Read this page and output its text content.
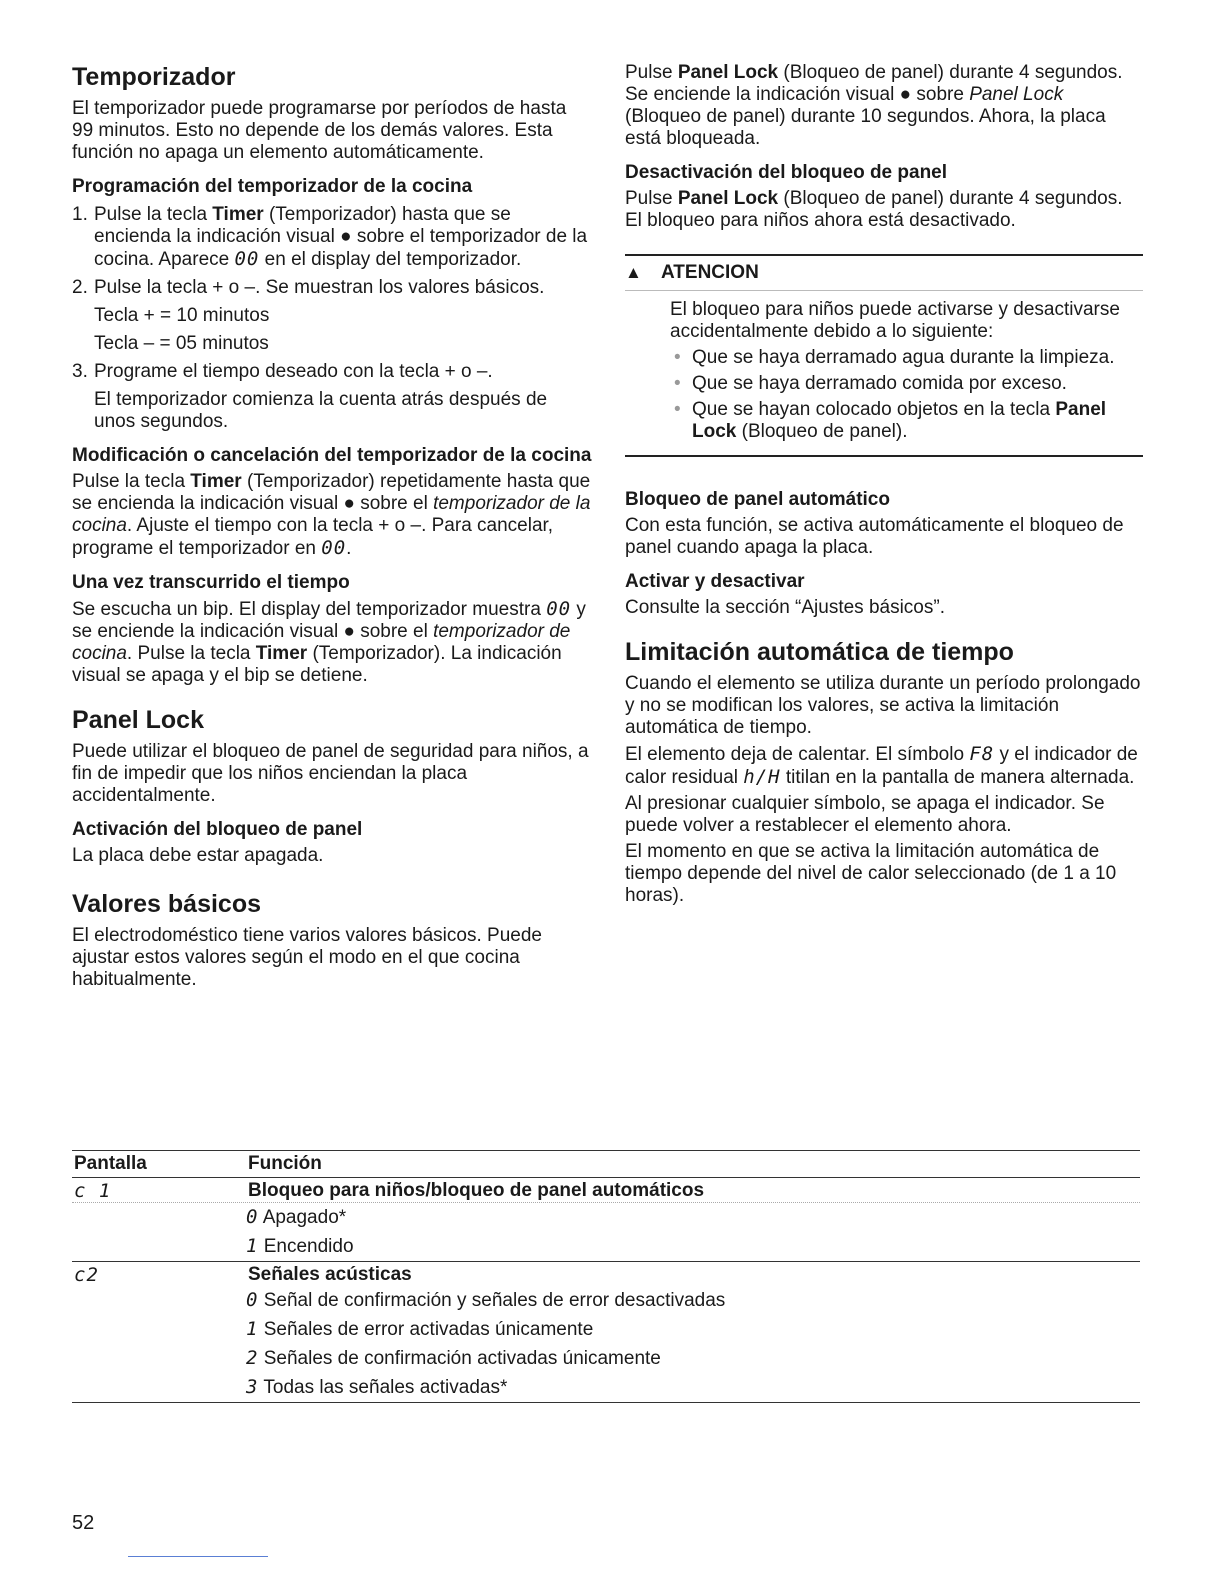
Temporizador

El temporizador puede programarse por períodos de hasta 99 minutos. Esto no depende de los demás valores. Esta función no apaga un elemento automáticamente.

Programación del temporizador de la cocina
1. Pulse la tecla Timer (Temporizador) hasta que se encienda la indicación visual ● sobre el temporizador de la cocina. Aparece 00 en el display del temporizador.
2. Pulse la tecla + o –. Se muestran los valores básicos.

Tecla + = 10 minutos

Tecla – = 05 minutos

3. Programe el tiempo deseado con la tecla + o –.

El temporizador comienza la cuenta atrás después de unos segundos.

Modificación o cancelación del temporizador de la cocina

Pulse la tecla Timer (Temporizador) repetidamente hasta que se encienda la indicación visual ● sobre el temporizador de la cocina. Ajuste el tiempo con la tecla + o –. Para cancelar, programe el temporizador en 00.

Una vez transcurrido el tiempo

Se escucha un bip. El display del temporizador muestra 00 y se enciende la indicación visual ● sobre el temporizador de cocina. Pulse la tecla Timer (Temporizador). La indicación visual se apaga y el bip se detiene.

Panel Lock

Puede utilizar el bloqueo de panel de seguridad para niños, a fin de impedir que los niños enciendan la placa accidentalmente.

Activación del bloqueo de panel

La placa debe estar apagada.

Valores básicos

El electrodoméstico tiene varios valores básicos. Puede ajustar estos valores según el modo en el que cocina habitualmente.

Pulse Panel Lock (Bloqueo de panel) durante 4 segundos. Se enciende la indicación visual ● sobre Panel Lock (Bloqueo de panel) durante 10 segundos. Ahora, la placa está bloqueada.

Desactivación del bloqueo de panel

Pulse Panel Lock (Bloqueo de panel) durante 4 segundos. El bloqueo para niños ahora está desactivado.

▲	ATENCION

El bloqueo para niños puede activarse y desactivarse accidentalmente debido a lo siguiente:

• Que se haya derramado agua durante la limpieza.
• Que se haya derramado comida por exceso.
• Que se hayan colocado objetos en la tecla Panel Lock (Bloqueo de panel).
Bloqueo de panel automático

Con esta función, se activa automáticamente el bloqueo de panel cuando apaga la placa.

Activar y desactivar

Consulte la sección “Ajustes básicos”.

Limitación automática de tiempo

Cuando el elemento se utiliza durante un período prolongado y no se modifican los valores, se activa la limitación automática de tiempo.

El elemento deja de calentar. El símbolo F8 y el indicador de calor residual h/H titilan en la pantalla de manera alternada.

Al presionar cualquier símbolo, se apaga el indicador. Se puede volver a restablecer el elemento ahora.

El momento en que se activa la limitación automática de tiempo depende del nivel de calor seleccionado (de 1 a 10 horas).

Pantalla	Función
c 1	Bloqueo para niños/bloqueo de panel automáticos
0 Apagado*
1 Encendido
c2	Señales acústicas
0 Señal de confirmación y señales de error desactivadas
1 Señales de error activadas únicamente
2 Señales de confirmación activadas únicamente
3 Todas las señales activadas*
52
